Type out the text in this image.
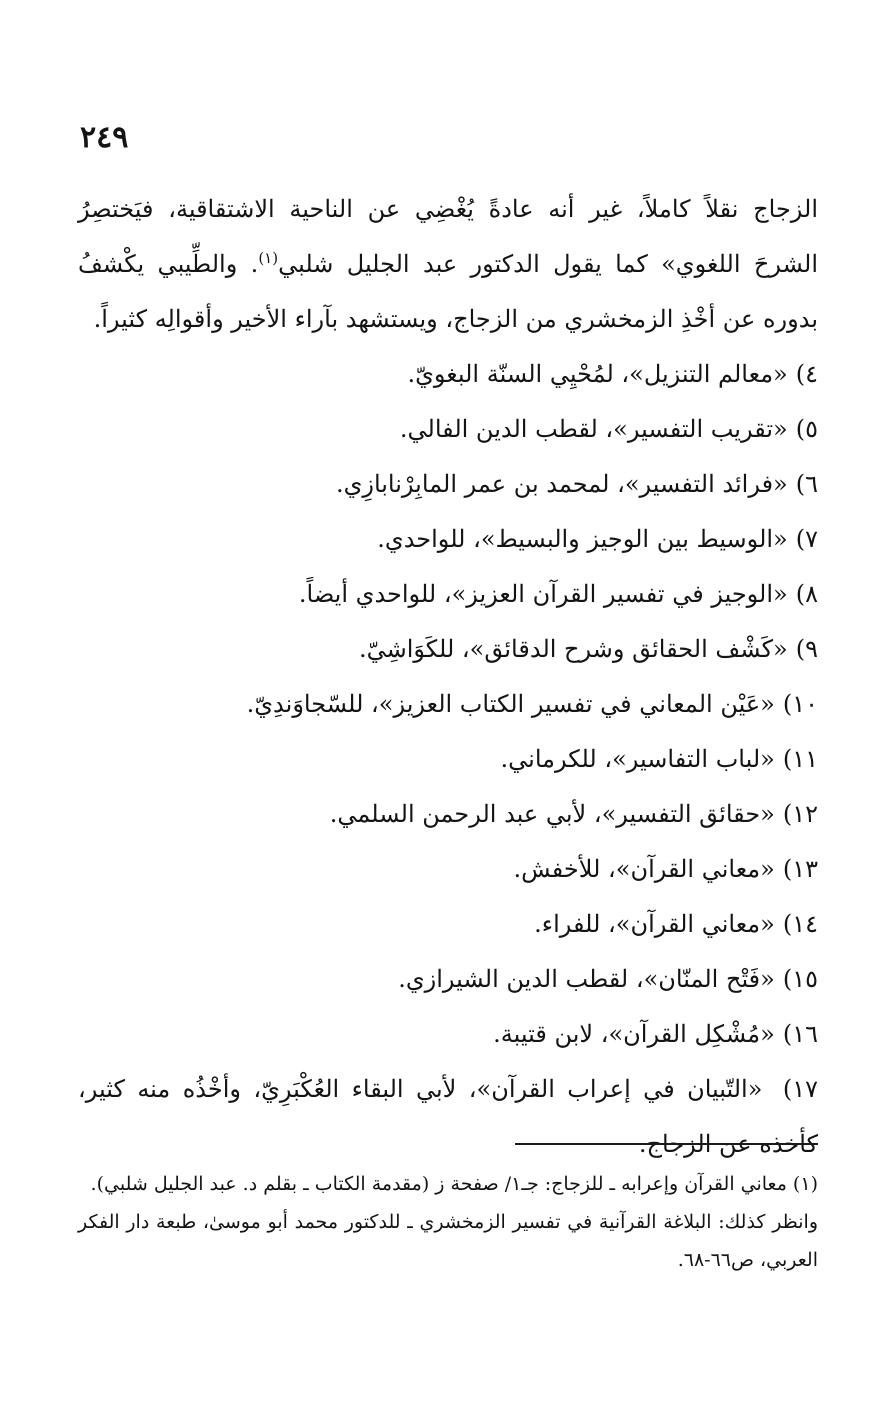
٢٤٩

الزجاج نقلاً كاملاً، غير أنه عادةً يُغْضِي عن الناحية الاشتقاقية، فيَختصِرُ الشرحَ اللغوي» كما يقول الدكتور عبد الجليل شلبي$^{(١)}$. والطِّيبي يكْشفُ بدوره عن أخْذِ الزمخشري من الزجاج، ويستشهد بآراء الأخير وأقوالِه كثيراً.

٤)
«معالم التنزيل»، لمُحْيِي السنّة البغويّ.
٥)
«تقريب التفسير»، لقطب الدين الفالي.
٦)
«فرائد التفسير»، لمحمد بن عمر المابِرْنابازِي.
٧)
«الوسيط بين الوجيز والبسيط»، للواحدي.
٨)
«الوجيز في تفسير القرآن العزيز»، للواحدي أيضاً.
٩)
«كَشْف الحقائق وشرح الدقائق»، للكَوَاشِيّ.
١٠)
«عَيْن المعاني في تفسير الكتاب العزيز»، للسّجاوَندِيّ.
١١)
«لباب التفاسير»، للكرماني.
١٢)
«حقائق التفسير»، لأبي عبد الرحمن السلمي.
١٣)
«معاني القرآن»، للأخفش.
١٤)
«معاني القرآن»، للفراء.
١٥)
«فَتْح المنّان»، لقطب الدين الشيرازي.
١٦)
«مُشْكِل القرآن»، لابن قتيبة.
١٧) «التّبيان في إعراب القرآن»، لأبي البقاء العُكْبَرِيّ، وأخْذُه منه كثير، كأخذه عن الزجاج.

(١) معاني القرآن وإعرابه ـ للزجاج: جـ١/ صفحة ز (مقدمة الكتاب ـ بقلم د. عبد الجليل شلبي).

وانظر كذلك: البلاغة القرآنية في تفسير الزمخشري ـ للدكتور محمد أبو موسىٰ، طبعة دار الفكر العربي، ص٦٦-٦٨.
